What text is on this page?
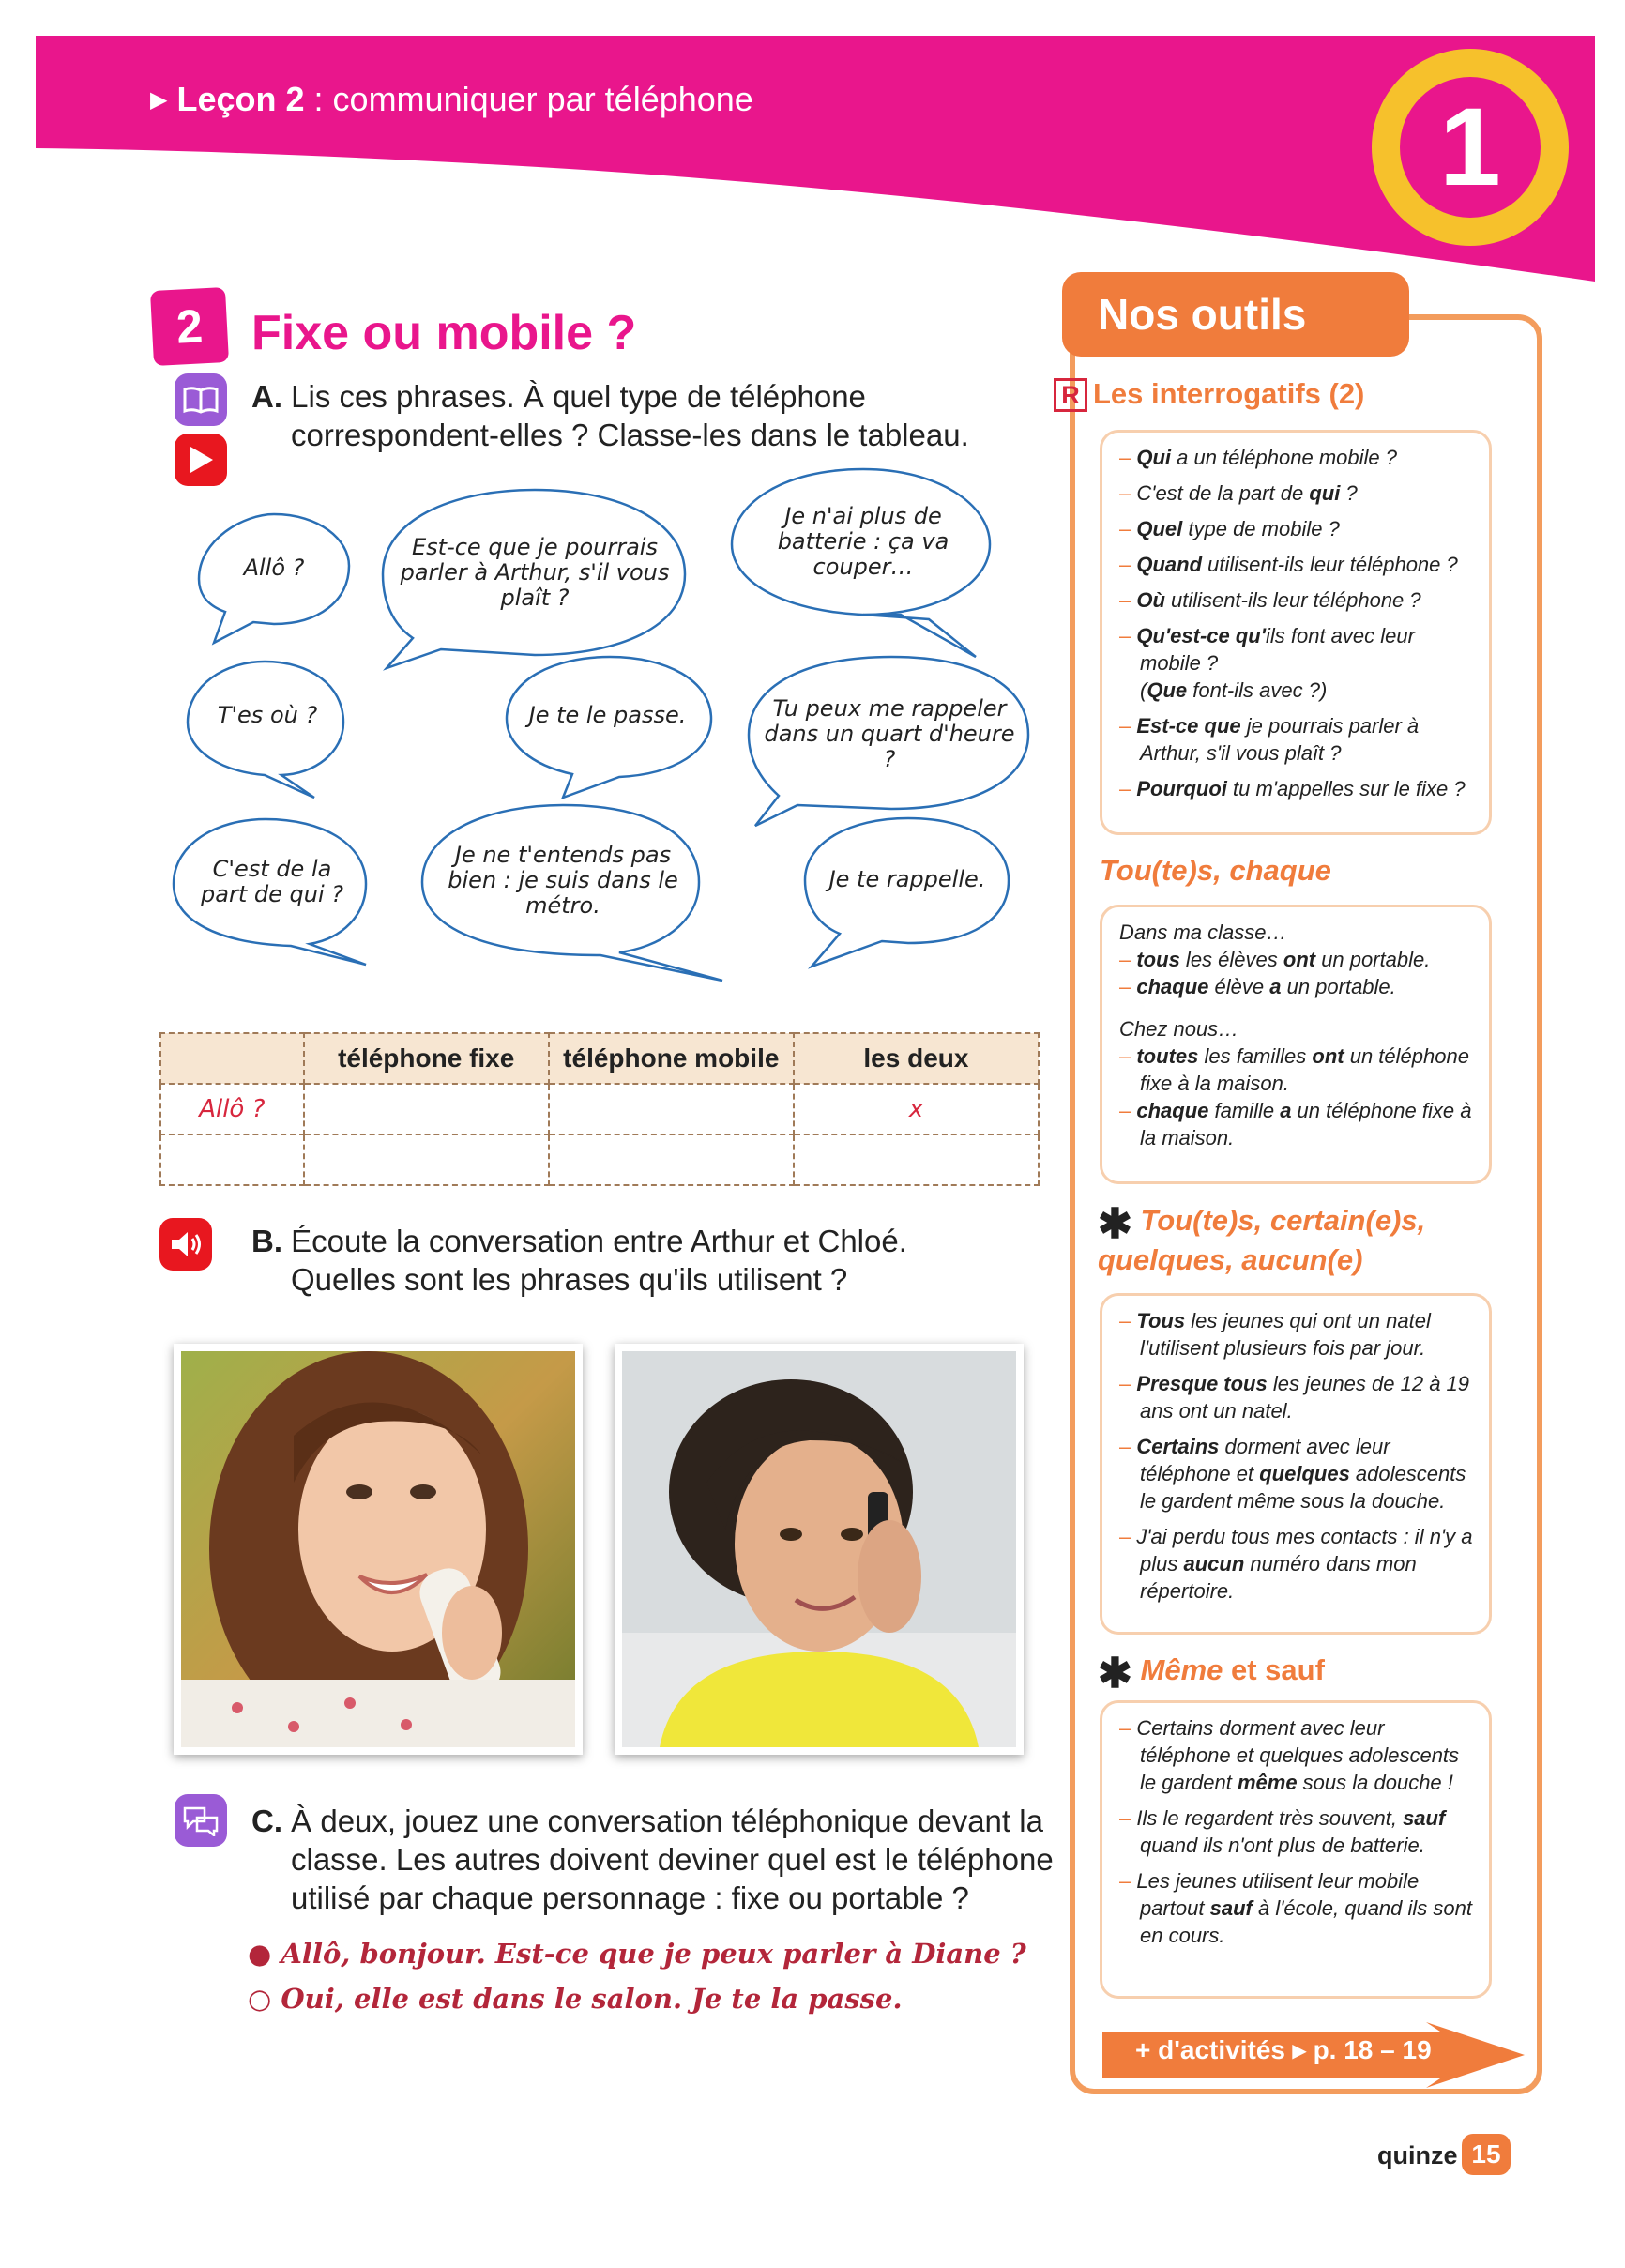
▶ Leçon 2 : communiquer par téléphone	1
2 Fixe ou mobile ?
A. Lis ces phrases. À quel type de téléphone
correspondent-elles ? Classe-les dans le tableau.
Allô ?
Est-ce que je pourrais parler à Arthur, s'il vous plaît ?
Je n'ai plus de batterie : ça va couper…
T'es où ?	Je te le passe.	Tu peux me rappeler dans un quart d'heure ?
C'est de la part de qui ?
Je ne t'entends pas bien : je suis dans le métro.
Je te rappelle.
	téléphone fixe	téléphone mobile	les deux
Allô ?			x

B. Écoute la conversation entre Arthur et Chloé.
Quelles sont les phrases qu'ils utilisent ?
C. À deux, jouez une conversation téléphonique devant la
classe. Les autres doivent deviner quel est le téléphone
utilisé par chaque personnage : fixe ou portable ?
● Allô, bonjour. Est-ce que je peux parler à Diane ?
○ Oui, elle est dans le salon. Je te la passe.
Nos outils
R Les interrogatifs (2)

– Qui a un téléphone mobile ?

– C'est de la part de qui ?

– Quel type de mobile ?

– Quand utilisent-ils leur téléphone ?

– Où utilisent-ils leur téléphone ?

– Qu'est-ce qu'ils font avec leur mobile ?
(Que font-ils avec ?)

– Est-ce que je pourrais parler à Arthur, s'il vous plaît ?

– Pourquoi tu m'appelles sur le fixe ?

Tou(te)s, chaque

Dans ma classe…

– tous les élèves ont un portable.

– chaque élève a un portable.

Chez nous…

– toutes les familles ont un téléphone fixe à la maison.

– chaque famille a un téléphone fixe à la maison.

✱ Tou(te)s, certain(e)s, quelques, aucun(e)

– Tous les jeunes qui ont un natel l'utilisent plusieurs fois par jour.

– Presque tous les jeunes de 12 à 19 ans ont un natel.

– Certains dorment avec leur téléphone et quelques adolescents le gardent même sous la douche.

– J'ai perdu tous mes contacts : il n'y a plus aucun numéro dans mon répertoire.

✱ Même et sauf

– Certains dorment avec leur téléphone et quelques adolescents le gardent même sous la douche !

– Ils le regardent très souvent, sauf quand ils n'ont plus de batterie.

– Les jeunes utilisent leur mobile partout sauf à l'école, quand ils sont en cours.

+ d'activités ▸ p. 18 – 19
quinze 15
